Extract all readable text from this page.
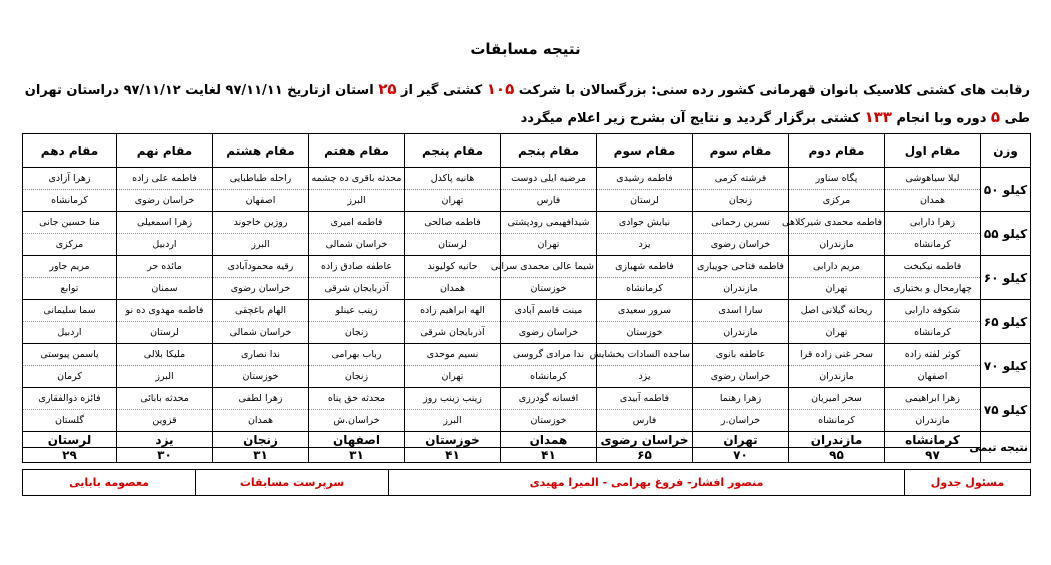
نتیجه مسابقات
رقابت های کشتی کلاسیک بانوان قهرمانی کشور رده سنی: بزرگسالان با شرکت ۱۰۵ کشتی گیر از ۲۵ استان ازتاریخ ۹۷/۱۱/۱۱ لغایت ۹۷/۱۱/۱۲ دراستان تهران طی ۵ دوره وبا انجام ۱۳۳ کشتی برگزار گردید و نتایج آن بشرح زیر اعلام میگردد
وزن	مقام اول	مقام دوم	مقام سوم	مقام سوم	مقام پنجم	مقام پنجم	مقام هفتم	مقام هشتم	مقام نهم	مقام دهم
کیلو ۵۰	لیلا سیاهوشی	پگاه سناور	فرشته کرمی	فاطمه رشیدی	مرضیه ایلی دوست	هانیه پاکدل	محدثه باقری ده چشمه	راحله طباطبایی	فاطمه علی زاده	زهرا آزادی
	همدان	مرکزی	زنجان	لرستان	فارس	تهران	البرز	اصفهان	خراسان رضوی	کرمانشاه
کیلو ۵۵	زهرا دارابی	فاطمه محمدی شیرکلاهی	نسرین رحمانی	نیایش جوادی	شیدافهیمی رودپشتی	فاطمه صالحی	فاطمه امیری	روژین خاجوند	زهرا اسمعیلی	منا حسین جانی
	کرمانشاه	مازندران	خراسان رضوی	یزد	تهران	لرستان	خراسان شمالی	البرز	اردبیل	مرکزی
کیلو ۶۰	فاطمه نیکبخت	مریم دارابی	فاطمه فتاحی جویباری	فاطمه شهبازی	شیما عالی محمدی سرابی	حانیه کولیوند	عاطفه صادق زاده	رقیه محمودآبادی	مائده حر	مریم جاور
	چهارمحال و بختیاری	تهران	مازندران	کرمانشاه	خوزستان	همدان	آذربایجان شرقی	خراسان رضوی	سمنان	توابع
کیلو ۶۵	شکوفه دارابی	ریحانه گیلانی اصل	سارا اسدی	سرور سعیدی	مینت قاسم آبادی	الهه ابراهیم زاده	زینب عینلو	الهام باغچقی	فاطمه مهدوی ده نو	سما سلیمانی
	کرمانشاه	تهران	مازندران	خوزستان	خراسان رضوی	آذربایجان شرقی	زنجان	خراسان شمالی	لرستان	اردبیل
کیلو ۷۰	کوثر لفته زاده	سحر غنی زاده قرا	عاطفه بانوی	ساجده السادات بخشایش	ندا مرادی گروسی	نسیم موحدی	رباب بهرامی	ندا نصاری	ملیکا بلالی	یاسمن پیوستی
	اصفهان	مازندران	خراسان رضوی	یزد	کرمانشاه	تهران	زنجان	خوزستان	البرز	کرمان
کیلو ۷۵	زهرا ابراهیمی	سحر امیریان	زهرا رهنما	فاطمه آبیدی	افسانه گودرزی	زینب زینب روز	محدثه حق پناه	زهرا لطفی	محدثه بابائی	فائزه ذوالفقاری
	مازندران	کرمانشاه	خراسان.ر	فارس	خوزستان	البرز	خراسان.ش	همدان	قزوین	گلستان
نتیجه تیمی	کرمانشاه	مازندران	تهران	خراسان رضوی	همدان	خوزستان	اصفهان	زنجان	یزد	لرستان
	۹۷	۹۵	۷۰	۶۵	۴۱	۴۱	۳۱	۳۱	۳۰	۲۹
مسئول جدول	منصور افشار- فروغ بهرامی - المیرا مهیدی	سرپرست مسابقات	معصومه بابایی
